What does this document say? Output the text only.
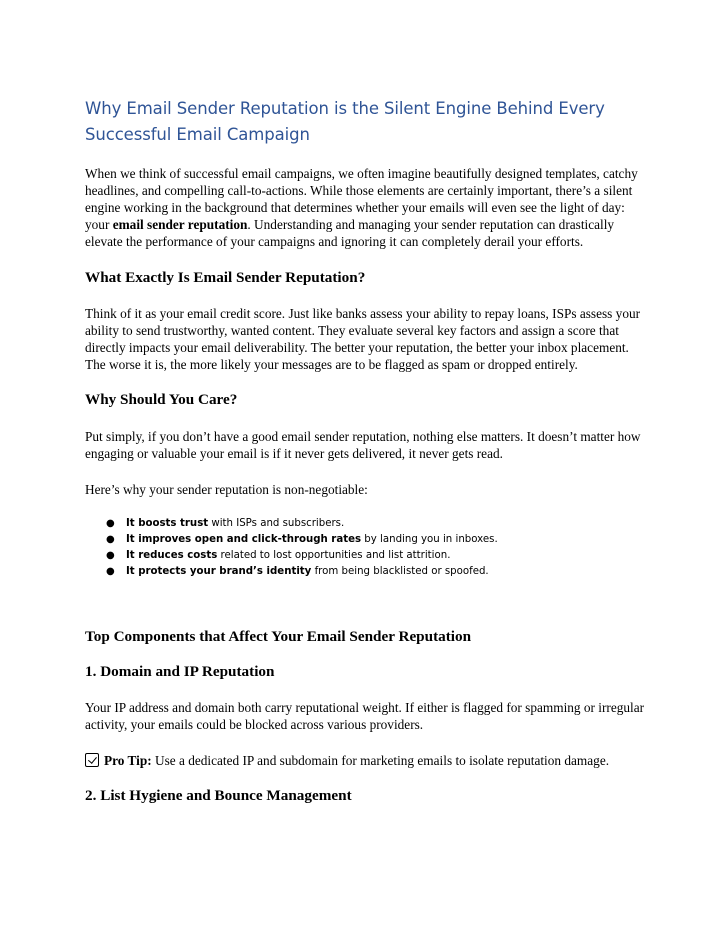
Why Email Sender Reputation is the Silent Engine Behind Every Successful Email Campaign

When we think of successful email campaigns, we often imagine beautifully designed templates, catchy headlines, and compelling call-to-actions. While those elements are certainly important, there’s a silent engine working in the background that determines whether your emails will even see the light of day: your email sender reputation. Understanding and managing your sender reputation can drastically elevate the performance of your campaigns and ignoring it can completely derail your efforts.

What Exactly Is Email Sender Reputation?

Think of it as your email credit score. Just like banks assess your ability to repay loans, ISPs assess your ability to send trustworthy, wanted content. They evaluate several key factors and assign a score that directly impacts your email deliverability. The better your reputation, the better your inbox placement. The worse it is, the more likely your messages are to be flagged as spam or dropped entirely.

Why Should You Care?

Put simply, if you don’t have a good email sender reputation, nothing else matters. It doesn’t matter how engaging or valuable your email is if it never gets delivered, it never gets read.

Here’s why your sender reputation is non-negotiable:

● It boosts trust with ISPs and subscribers.
● It improves open and click-through rates by landing you in inboxes.
● It reduces costs related to lost opportunities and list attrition.
● It protects your brand’s identity from being blacklisted or spoofed.
Top Components that Affect Your Email Sender Reputation
1. Domain and IP Reputation

Your IP address and domain both carry reputational weight. If either is flagged for spamming or irregular activity, your emails could be blocked across various providers.

Pro Tip: Use a dedicated IP and subdomain for marketing emails to isolate reputation damage.

2. List Hygiene and Bounce Management
